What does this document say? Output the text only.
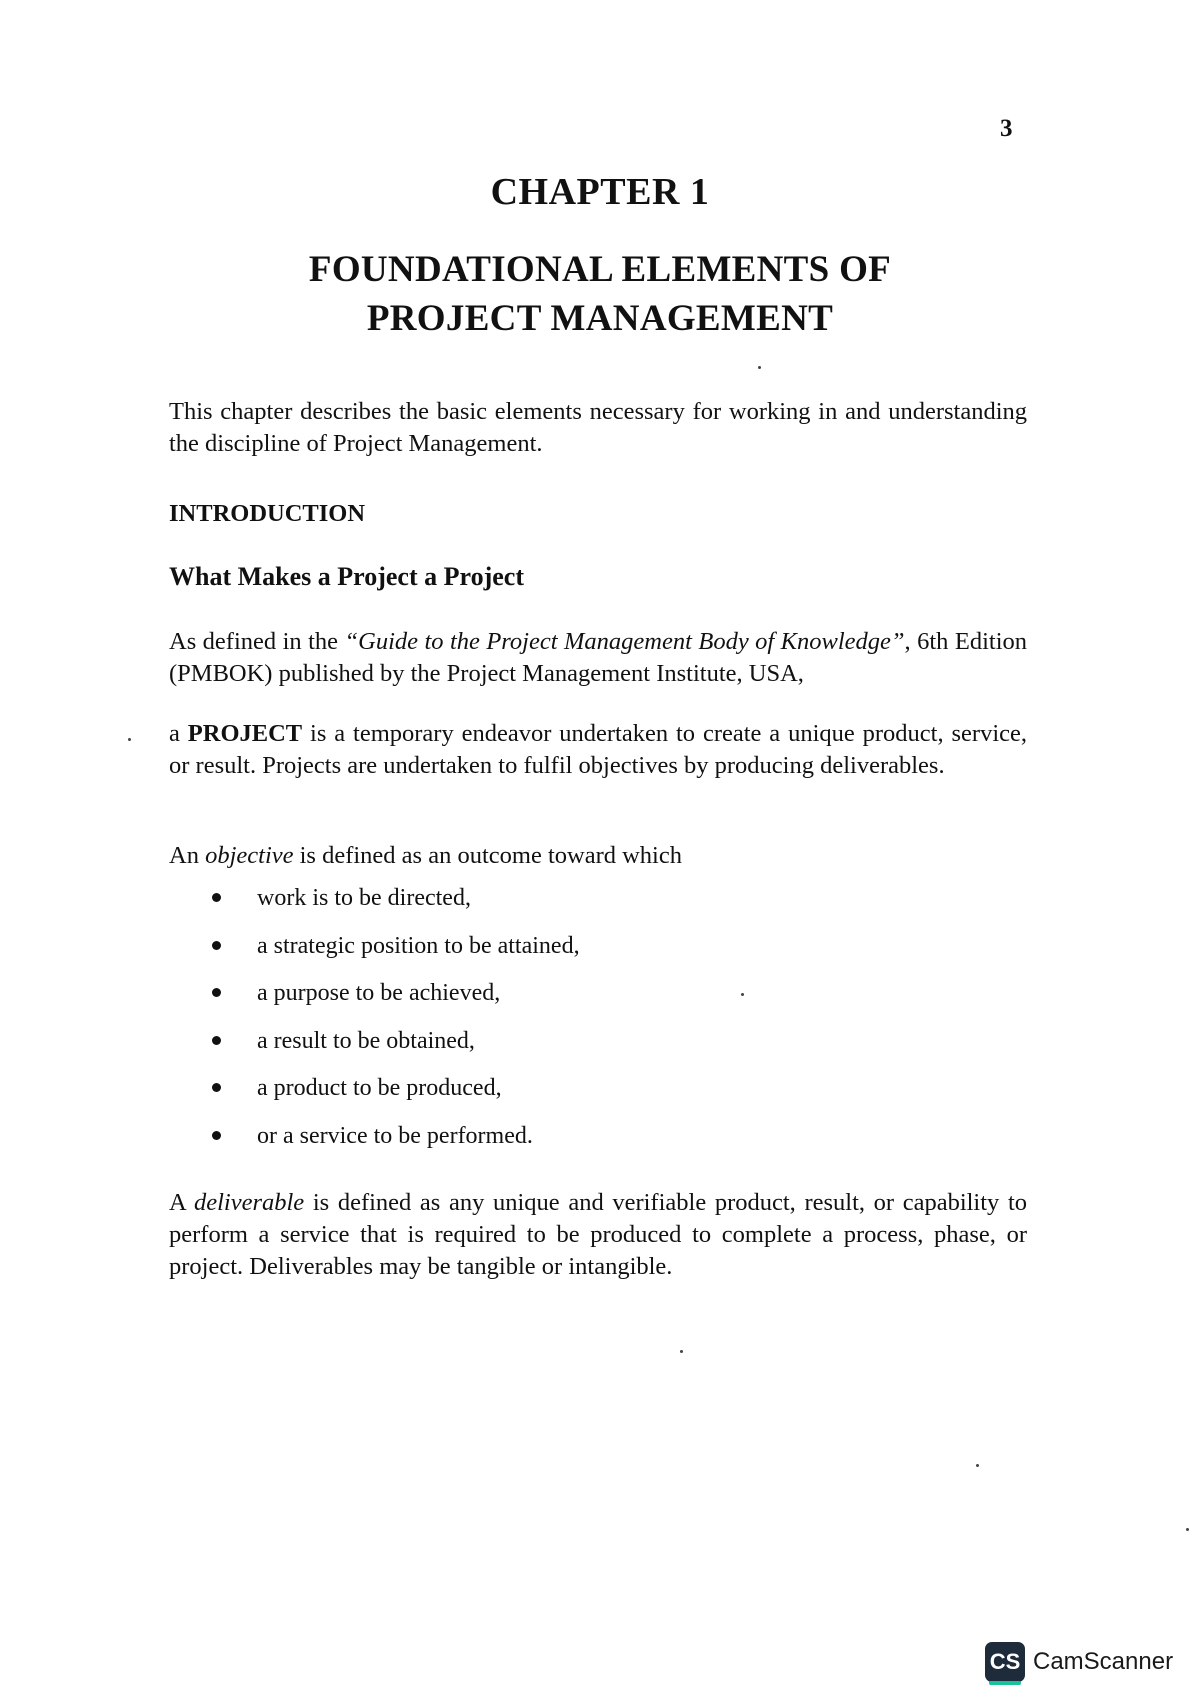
3
CHAPTER 1
FOUNDATIONAL ELEMENTS OF
PROJECT MANAGEMENT

This chapter describes the basic elements necessary for working in and understanding the discipline of Project Management.

INTRODUCTION
What Makes a Project a Project

As defined in the “Guide to the Project Management Body of Knowledge”, 6th Edition (PMBOK) published by the Project Management Institute, USA,

a PROJECT is a temporary endeavor undertaken to create a unique product, service, or result. Projects are undertaken to fulfil objectives by producing deliverables.

An objective is defined as an outcome toward which

work is to be directed,
a strategic position to be attained,
a purpose to be achieved,
a result to be obtained,
a product to be produced,
or a service to be performed.

A deliverable is defined as any unique and verifiable product, result, or capability to perform a service that is required to be produced to complete a process, phase, or project. Deliverables may be tangible or intangible.

CS CamScanner
